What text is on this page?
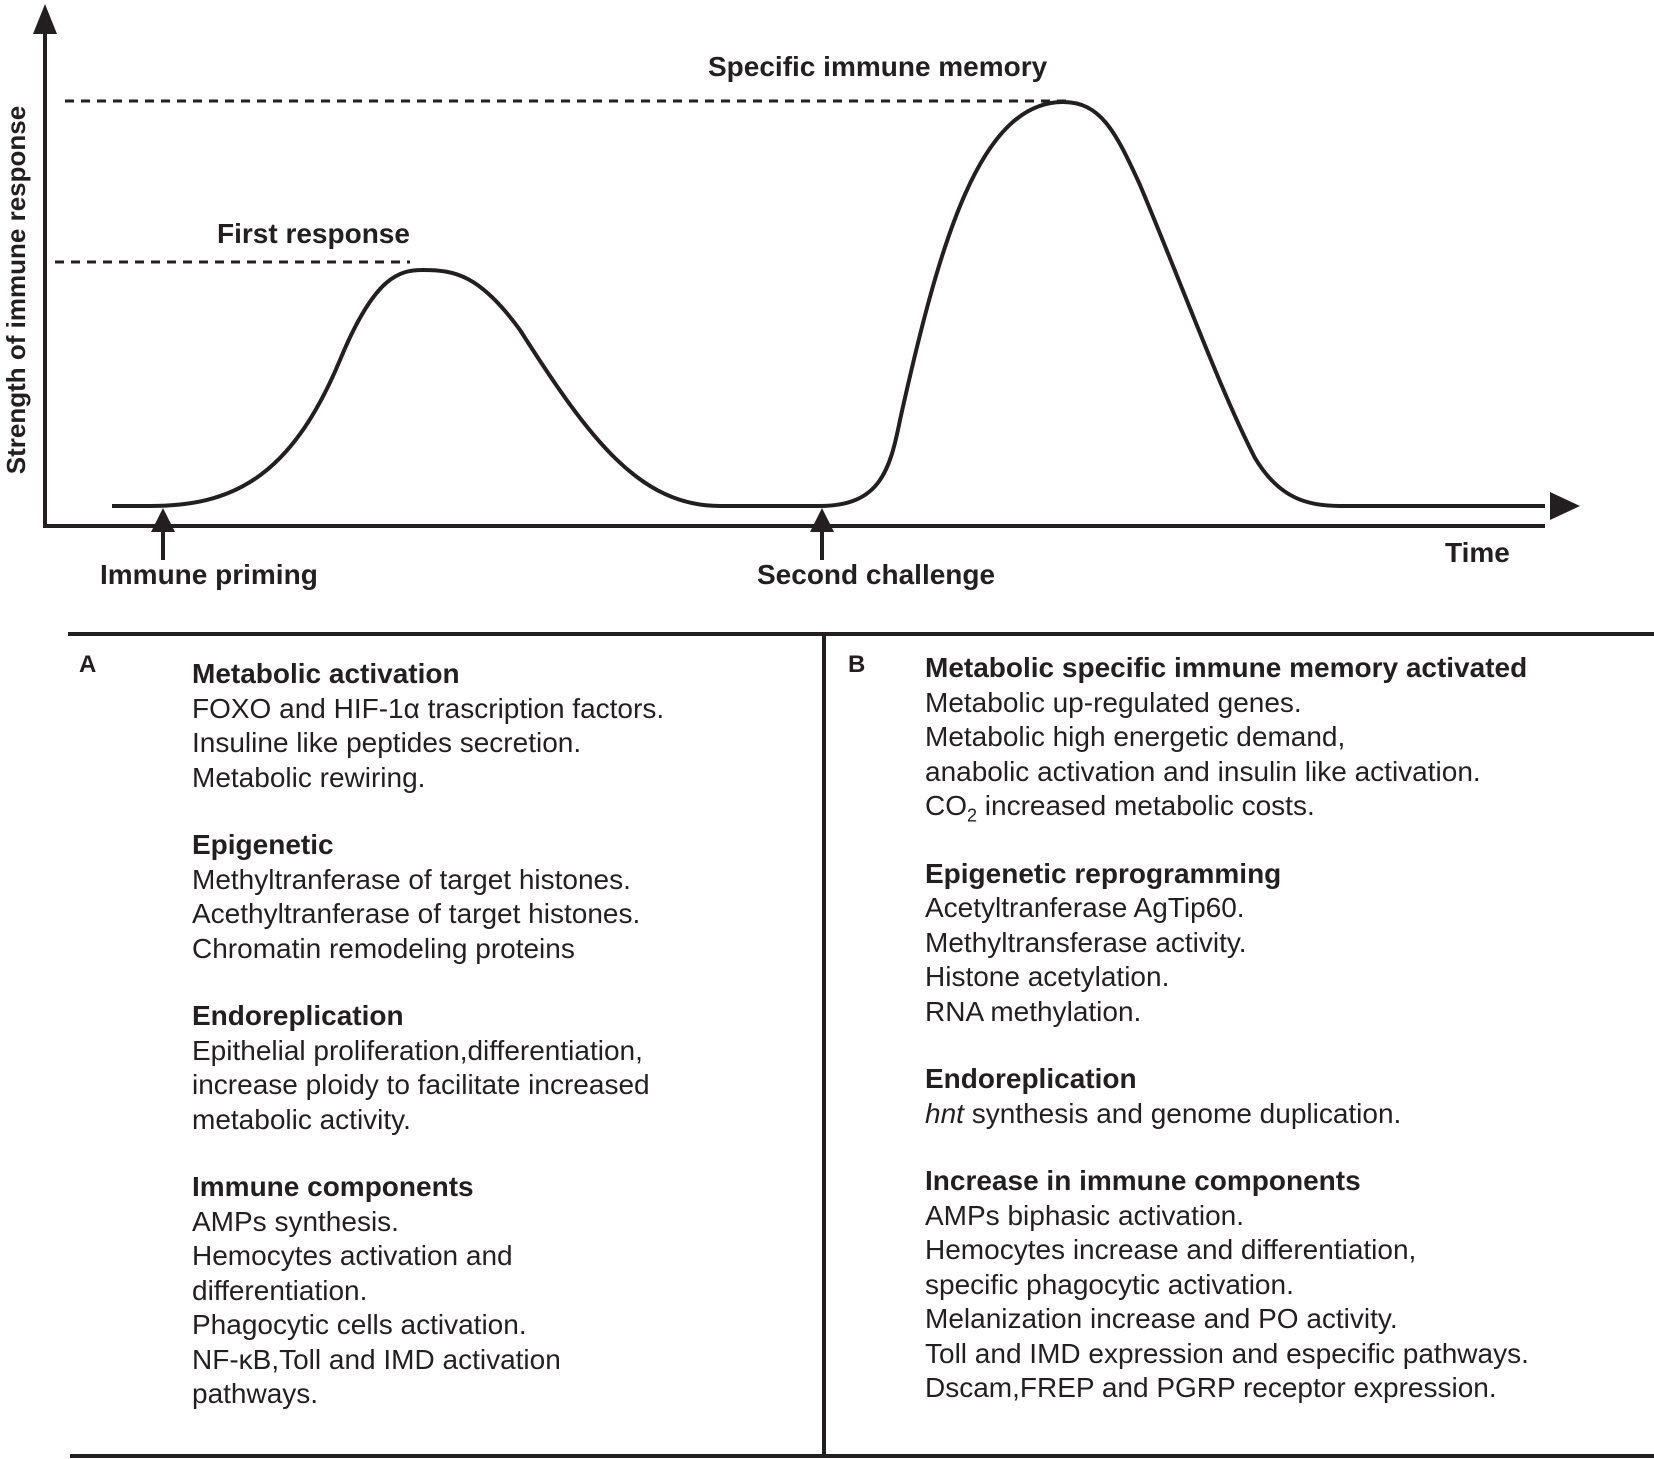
Strength of immune response
Time
First response
Specific immune memory
Immune priming	Second challenge
A	Metabolic activation
FOXO and HIF-1α trascription factors.
Insuline like peptides secretion.
Metabolic rewiring.
Epigenetic
Methyltranferase of target histones.
Acethyltranferase of target histones.
Chromatin remodeling proteins
Endoreplication
Epithelial proliferation,differentiation,
increase ploidy to facilitate increased
metabolic activity.
Immune components
AMPs synthesis.
Hemocytes activation and
differentiation.
Phagocytic cells activation.
NF-κB,Toll and IMD activation
pathways.
B Metabolic specific immune memory activated
Metabolic up-regulated genes.
Metabolic high energetic demand,
anabolic activation and insulin like activation.
$CO_2$ increased metabolic costs.
Epigenetic reprogramming
Acetyltranferase AgTip60.
Methyltransferase activity.
Histone acetylation.
RNA methylation.
Endoreplication
hnt synthesis and genome duplication.
Increase in immune components
AMPs biphasic activation.
Hemocytes increase and differentiation,
specific phagocytic activation.
Melanization increase and PO activity.
Toll and IMD expression and especific pathways.
Dscam,FREP and PGRP receptor expression.
